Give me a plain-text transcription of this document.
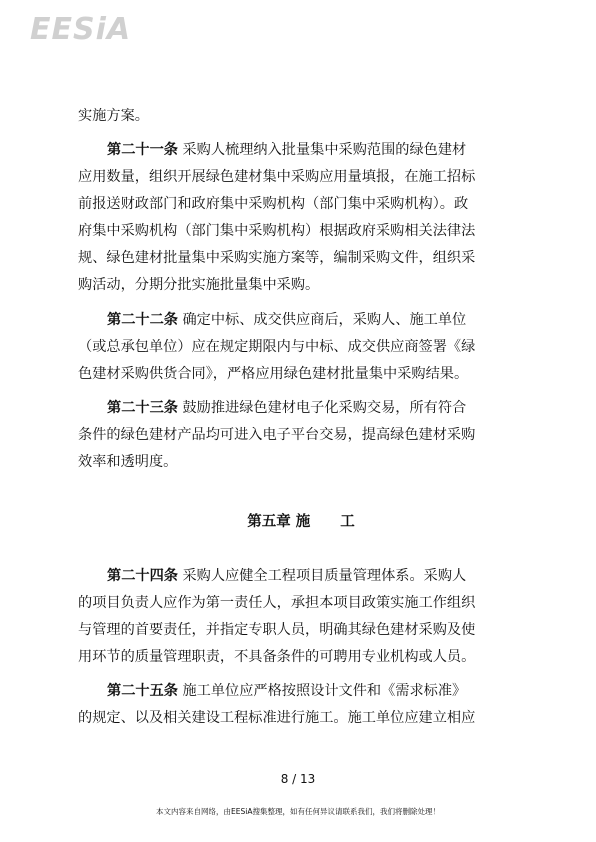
EESiA
实施方案。
第二十一条 采购人梳理纳入批量集中采购范围的绿色建材
应用数量，组织开展绿色建材集中采购应用量填报，在施工招标
前报送财政部门和政府集中采购机构（部门集中采购机构）。政
府集中采购机构（部门集中采购机构）根据政府采购相关法律法
规、绿色建材批量集中采购实施方案等，编制采购文件，组织采
购活动，分期分批实施批量集中采购。
第二十二条 确定中标、成交供应商后，采购人、施工单位
（或总承包单位）应在规定期限内与中标、成交供应商签署《绿
色建材采购供货合同》，严格应用绿色建材批量集中采购结果。
第二十三条 鼓励推进绿色建材电子化采购交易，所有符合
条件的绿色建材产品均可进入电子平台交易，提高绿色建材采购
效率和透明度。
第五章 施 工
第二十四条 采购人应健全工程项目质量管理体系。采购人
的项目负责人应作为第一责任人，承担本项目政策实施工作组织
与管理的首要责任，并指定专职人员，明确其绿色建材采购及使
用环节的质量管理职责，不具备条件的可聘用专业机构或人员。
第二十五条 施工单位应严格按照设计文件和《需求标准》
的规定、以及相关建设工程标准进行施工。施工单位应建立相应
8 / 13
本文内容来自网络，由EESiA搜集整理，如有任何异议请联系我们，我们将删除处理！
